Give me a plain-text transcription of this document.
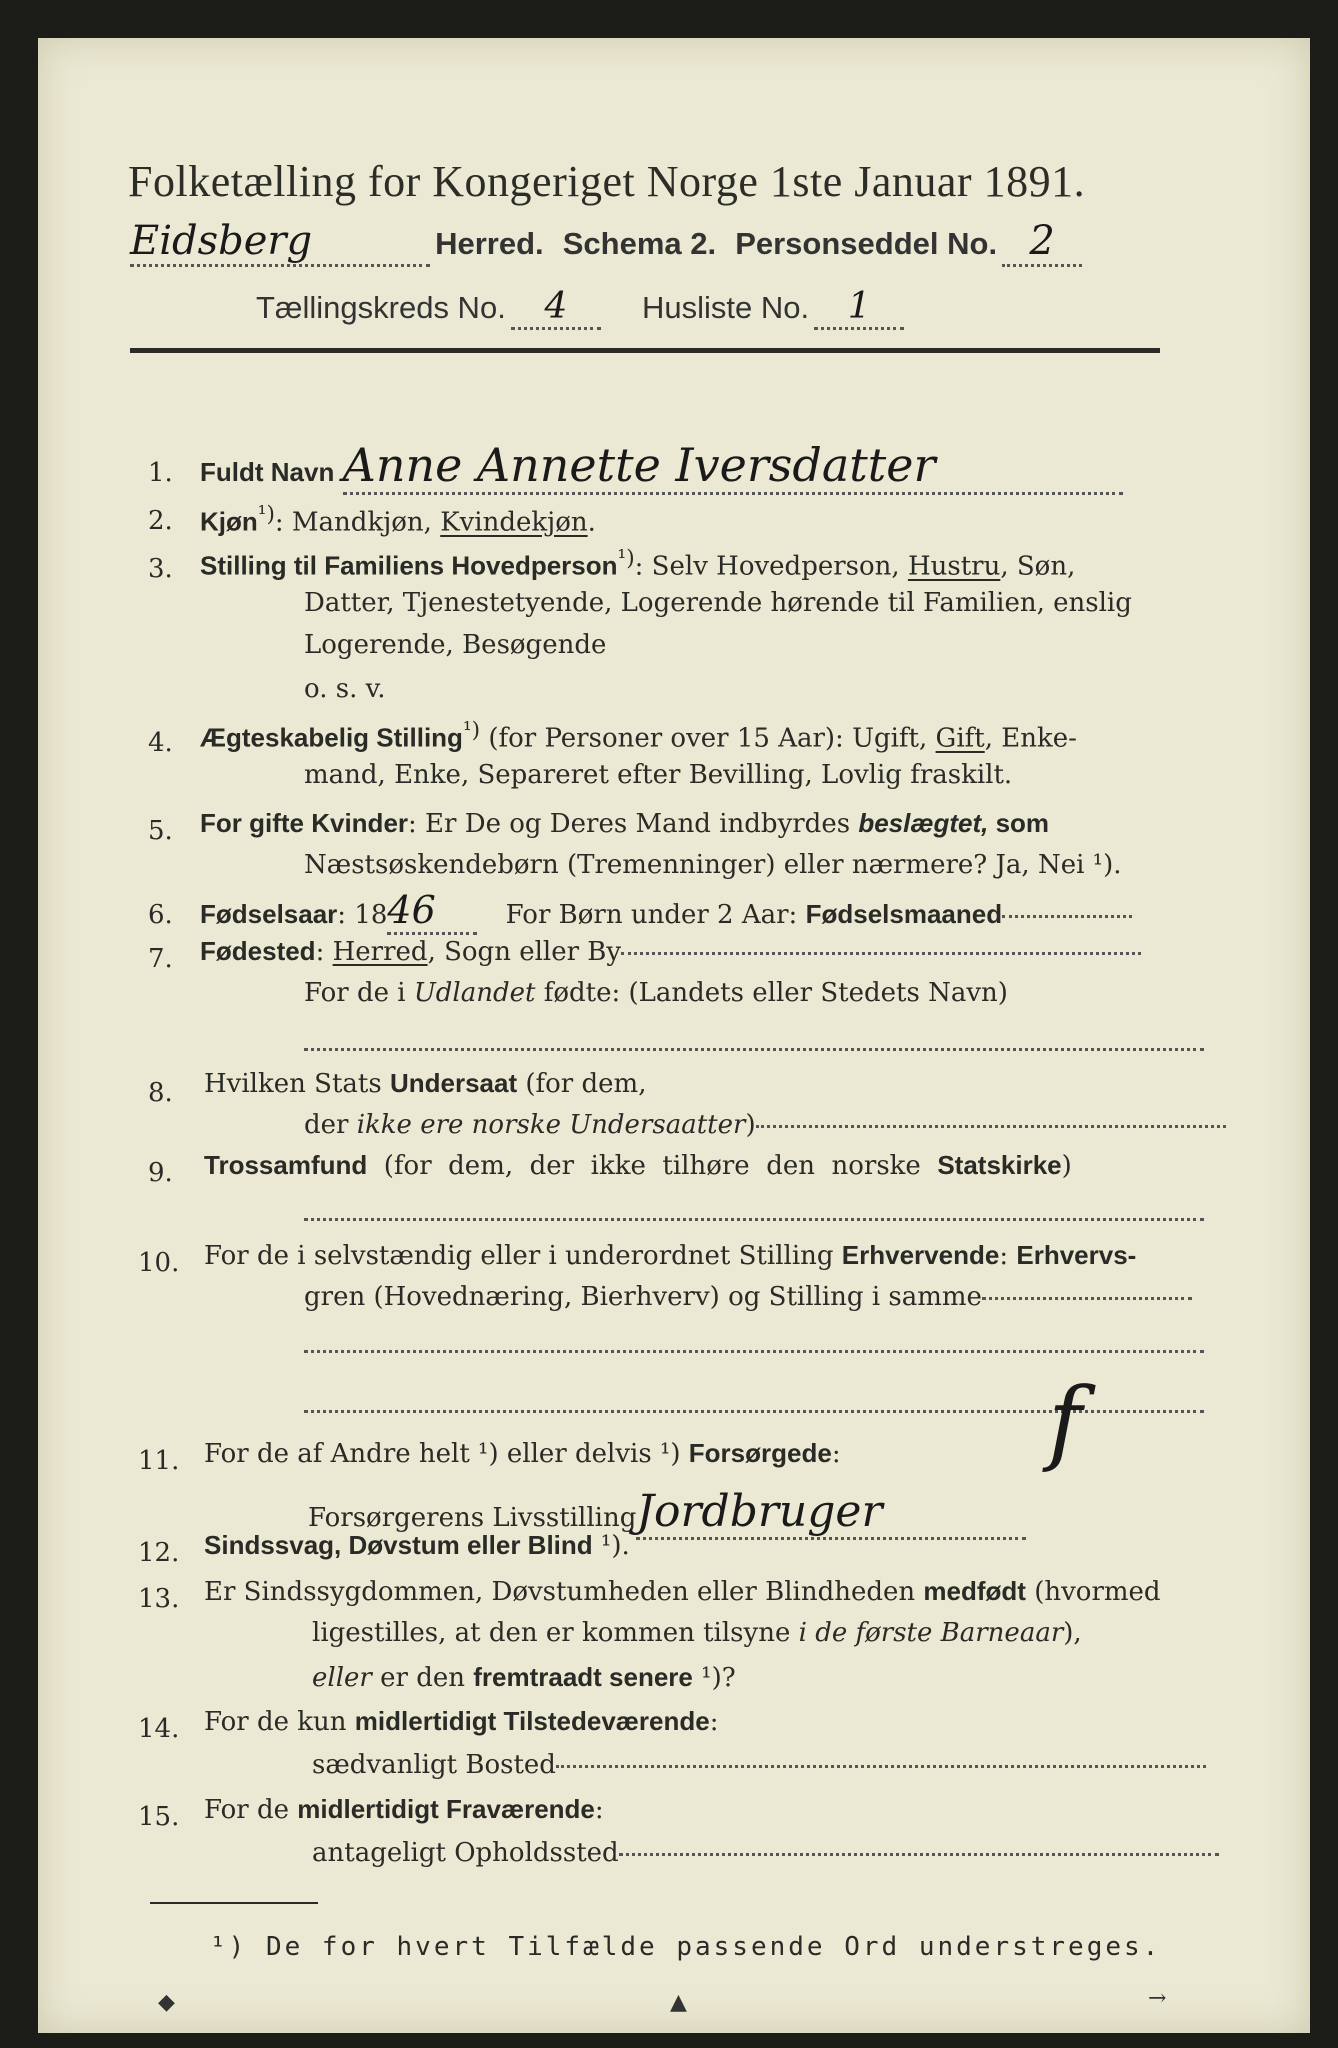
Folketælling for Kongeriget Norge 1ste Januar 1891.
Eidsberg	Herred. Schema 2. Personseddel No. 2
Tællingskreds No. 4 Husliste No. 1
1. Fuldt Navn Anne Annette Iversdatter
2. Kjøn$^{^1)}$: Mandkjøn, Kvindekjøn.
3. Stilling til Familiens Hovedperson$^{^1)}$: Selv Hovedperson, Hustru, Søn,
Datter, Tjenestetyende, Logerende hørende til Familien, enslig
Logerende, Besøgende
o. s. v.
4. Ægteskabelig Stilling$^{^1)}$ (for Personer over 15 Aar): Ugift, Gift, Enke-
mand, Enke, Separeret efter Bevilling, Lovlig fraskilt.
5. For gifte Kvinder: Er De og Deres Mand indbyrdes beslægtet, som
Næstsøskendebørn (Tremenninger) eller nærmere? Ja, Nei ¹).
6. Fødselsaar: 1846	For Børn under 2 Aar: Fødselsmaaned
7. Fødested: Herred, Sogn eller By
For de i Udlandet fødte: (Landets eller Stedets Navn)
8. Hvilken Stats Undersaat (for dem,
der ikke ere norske Undersaatter)
9. Trossamfund  (for  dem,  der  ikke  tilhøre  den  norske  Statskirke)
10. For de i selvstændig eller i underordnet Stilling Erhvervende: Erhvervs-
gren (Hovednæring, Bierhverv) og Stilling i samme
11. For de af Andre helt ¹) eller delvis ¹) Forsørgede: f
Forsørgerens LivsstillingJordbruger
12. Sindssvag, Døvstum eller Blind ¹).
13. Er Sindssygdommen, Døvstumheden eller Blindheden medfødt (hvormed
ligestilles, at den er kommen tilsyne i de første Barneaar),
eller er den fremtraadt senere ¹)?
14. For de kun midlertidigt Tilstedeværende:
sædvanligt Bosted
15. For de midlertidigt Fraværende:
antageligt Opholdssted
¹) De for hvert Tilfælde passende Ord understreges.
◆	▲	→
